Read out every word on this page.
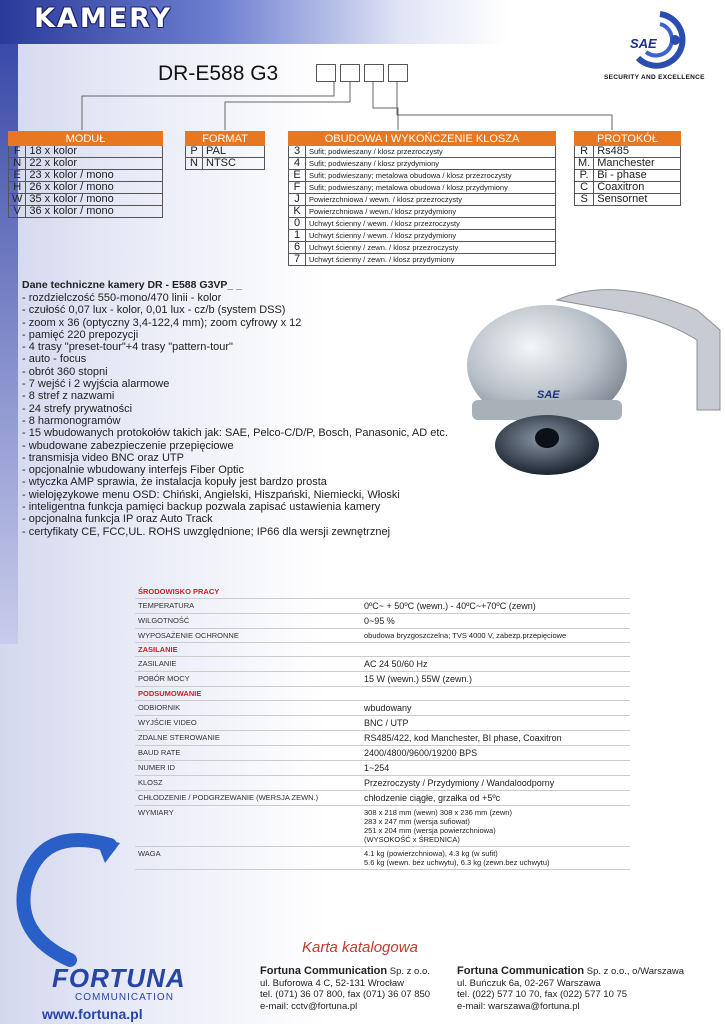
KAMERY
SAE
SECURITY AND EXCELLENCE
DR-E588 G3
MODUŁ	
F	18 x kolor
N	22 x kolor
E	23 x kolor / mono
H	26 x kolor / mono
W	35 x kolor / mono
V	36 x kolor / mono
FORMAT	
P	PAL
N	NTSC
OBUDOWA I WYKOŃCZENIE KLOSZA	
3	Sufit; podwieszany / klosz przezroczysty
4	Sufit; podwieszany / klosz przydymiony
E	Sufit; podwieszany; metalowa obudowa / klosz przezroczysty
F	Sufit; podwieszany; metalowa obudowa / klosz przydymiony
J	Powierzchniowa / wewn. / klosz przezroczysty
K	Powierzchniowa / wewn./ klosz przydymiony
0	Uchwyt ścienny / wewn. / klosz przezroczysty
1	Uchwyt ścienny / wewn. / klosz przydymiony
6	Uchwyt ścienny / zewn. / klosz przezroczysty
7	Uchwyt ścienny / zewn. / klosz przydymiony
PROTOKÓŁ	
R	Rs485
M.	Manchester
P.	Bi - phase
C	Coaxitron
S	Sensornet
Dane techniczne kamery DR - E588 G3VP_ _
- rozdzielczość 550-mono/470 linii - kolor
- czułość 0,07 lux - kolor, 0,01 lux - cz/b (system DSS)
- zoom x 36 (optyczny 3,4-122,4 mm); zoom cyfrowy x 12
- pamięć 220 prepozycji
- 4 trasy "preset-tour"+4 trasy "pattern-tour"
- auto - focus
- obrót 360 stopni
- 7 wejść i 2 wyjścia alarmowe
- 8 stref z nazwami
- 24 strefy prywatności
- 8 harmonogramów
- 15 wbudowanych protokołów takich jak: SAE, Pelco-C/D/P, Bosch, Panasonic, AD etc.
- wbudowane zabezpieczenie przepięciowe
- transmisja video BNC oraz UTP
- opcjonalnie wbudowany interfejs Fiber Optic
- wtyczka AMP sprawia, że instalacja kopuły jest bardzo prosta
- wielojęzykowe menu OSD: Chiński, Angielski, Hiszpański, Niemiecki, Włoski
- inteligentna funkcja pamięci backup pozwala zapisać ustawienia kamery
- opcjonalna funkcja IP oraz Auto Track
- certyfikaty CE, FCC,UL. ROHS uwzględnione; IP66 dla wersji zewnętrznej
SAE
ŚRODOWISKO PRACY	
TEMPERATURA	0ºC~ + 50ºC (wewn.) - 40ºC~+70ºC (zewn)
WILGOTNOŚĆ	0~95 %
WYPOSAŻENIE OCHRONNE	obudowa bryzgoszczelna; TVS 4000 V, zabezp.przepięciowe
ZASILANIE	
ZASILANIE	AC 24 50/60 Hz
POBÓR MOCY	15 W (wewn.) 55W (zewn.)
PODSUMOWANIE	
ODBIORNIK	wbudowany
WYJŚCIE VIDEO	BNC / UTP
ZDALNE STEROWANIE	RS485/422, kod Manchester, BI phase, Coaxitron
BAUD RATE	2400/4800/9600/19200 BPS
NUMER ID	1~254
KLOSZ	Przezroczysty / Przydymiony / Wandaloodporny
CHŁODZENIE / PODGRZEWANIE (WERSJA ZEWN.)	chłodzenie ciągłe, grzałka od +5ºc
WYMIARY	308 x 218 mm (wewn) 308 x 236 mm (zewn)
283 x 247 mm (wersja sufiowat)
251 x 204 mm (wersja powierzchniowa)
(WYSOKOŚĆ x ŚREDNICA)
WAGA	4.1 kg (powierzchniowa), 4.3 kg (w sufit)
5.6 kg (wewn. bez uchwytu), 6.3 kg (zewn.bez uchwytu)
Karta katalogowa
FORTUNA
COMMUNICATION
www.fortuna.pl
Fortuna Communication Sp. z o.o.
ul. Buforowa 4 C, 52-131 Wrocław
tel. (071) 36 07 800, fax (071) 36 07 850
e-mail: cctv@fortuna.pl
Fortuna Communication Sp. z o.o., o/Warszawa
ul. Buńczuk 6a, 02-267 Warszawa
tel. (022) 577 10 70, fax (022) 577 10 75
e-mail: warszawa@fortuna.pl
